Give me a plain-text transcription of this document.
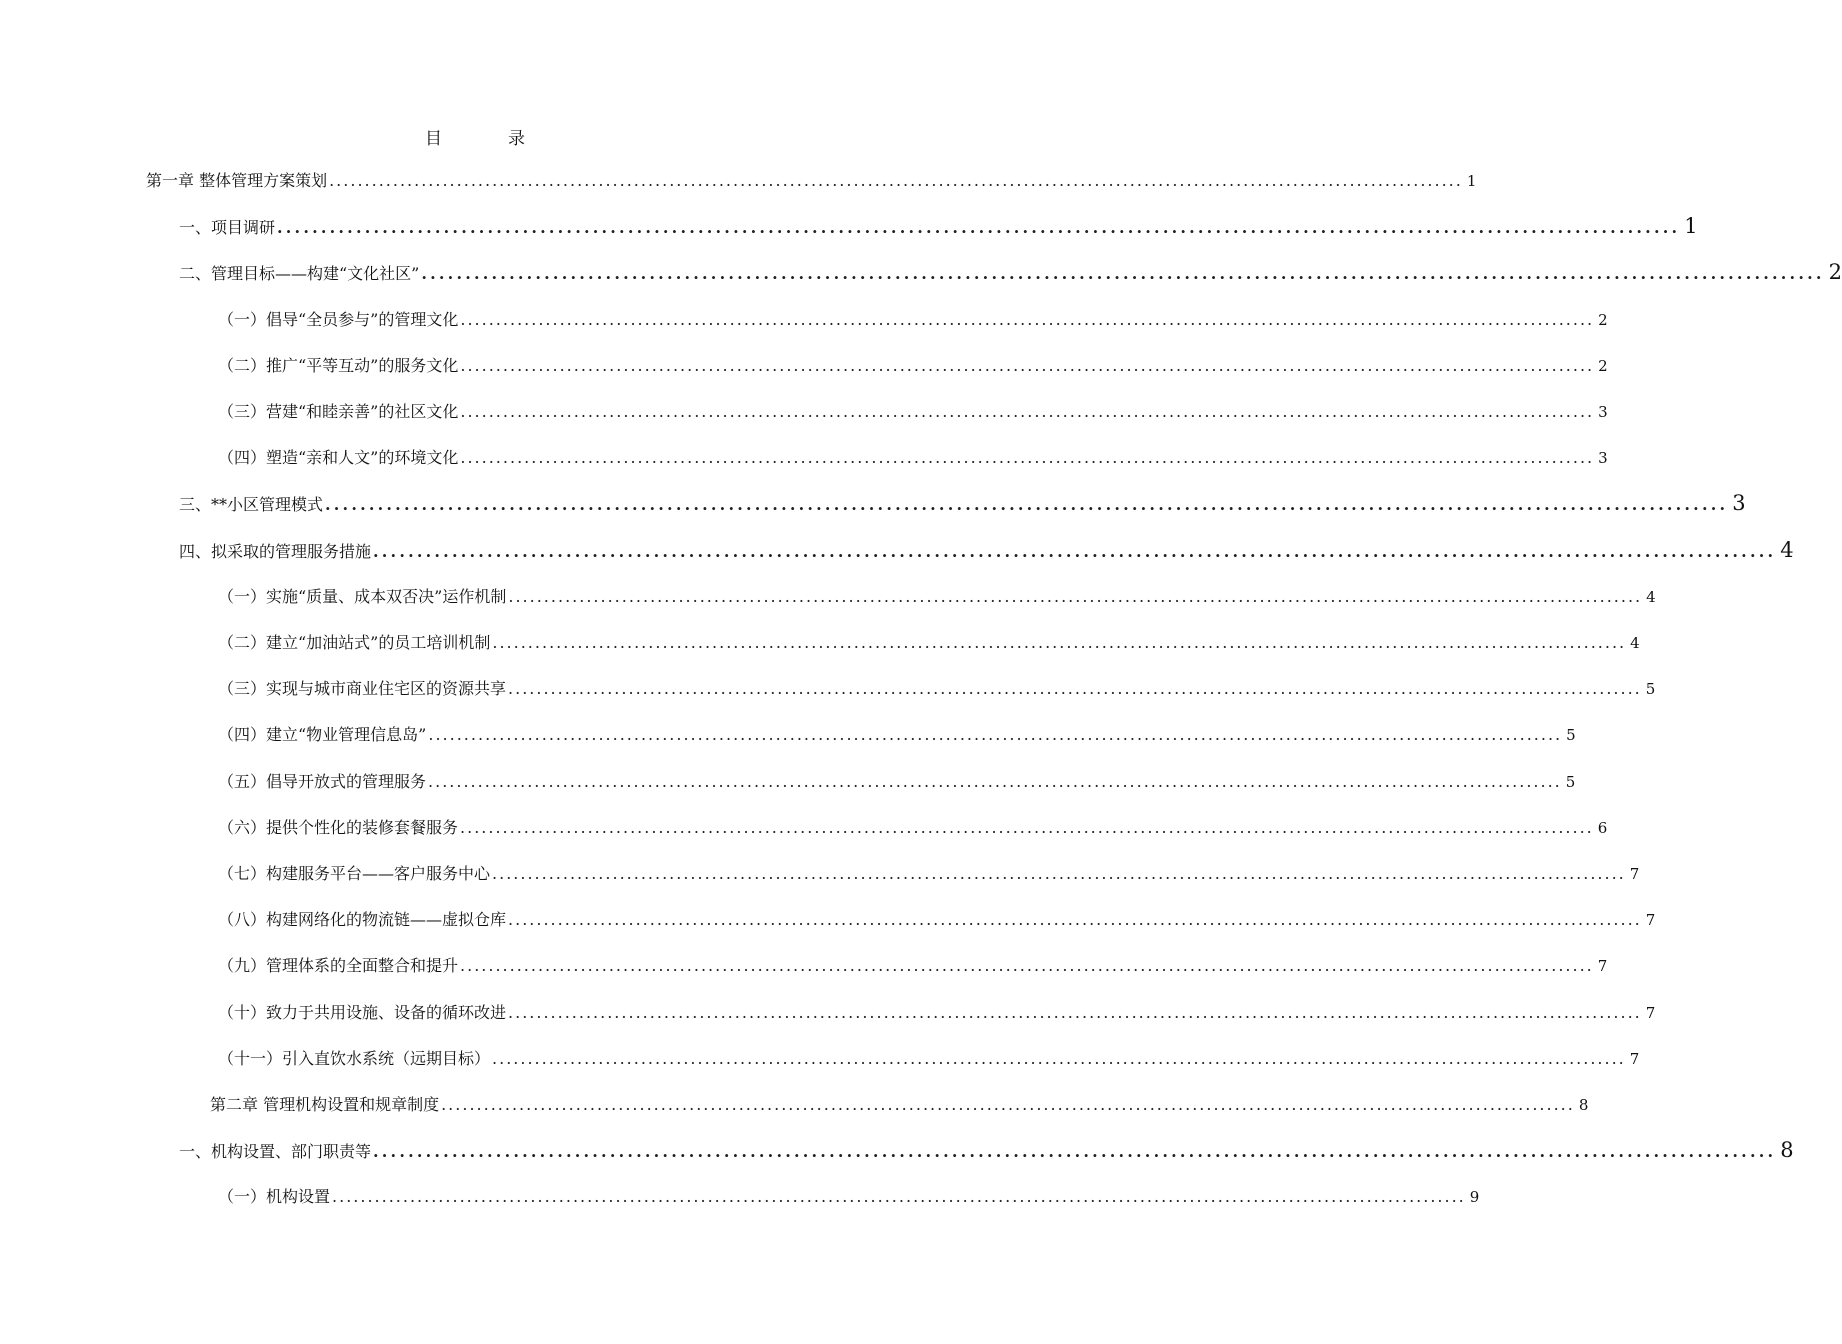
目	录
第一章 整体管理方案策划 ................................................................................................................................................................ 1
一、项目调研 ................................................................................................................................................................ 1
二、管理目标——构建“文化社区” ................................................................................................................................................................ 2
（一）倡导“全员参与”的管理文化 ................................................................................................................................................................ 2
（二）推广“平等互动”的服务文化 ................................................................................................................................................................ 2
（三）营建“和睦亲善”的社区文化 ................................................................................................................................................................ 3
（四）塑造“亲和人文”的环境文化 ................................................................................................................................................................ 3
三、**小区管理模式 ................................................................................................................................................................ 3
四、拟采取的管理服务措施 ................................................................................................................................................................ 4
（一）实施“质量、成本双否决”运作机制 ................................................................................................................................................................ 4
（二）建立“加油站式”的员工培训机制 ................................................................................................................................................................ 4
（三）实现与城市商业住宅区的资源共享 ................................................................................................................................................................ 5
（四）建立“物业管理信息岛” ................................................................................................................................................................ 5
（五）倡导开放式的管理服务 ................................................................................................................................................................ 5
（六）提供个性化的装修套餐服务 ................................................................................................................................................................ 6
（七）构建服务平台——客户服务中心 ................................................................................................................................................................ 7
（八）构建网络化的物流链——虚拟仓库 ................................................................................................................................................................ 7
（九）管理体系的全面整合和提升 ................................................................................................................................................................ 7
（十）致力于共用设施、设备的循环改进 ................................................................................................................................................................ 7
（十一）引入直饮水系统（远期目标） ................................................................................................................................................................ 7
第二章 管理机构设置和规章制度 ................................................................................................................................................................ 8
一、机构设置、部门职责等 ................................................................................................................................................................ 8
（一）机构设置 ................................................................................................................................................................ 9
